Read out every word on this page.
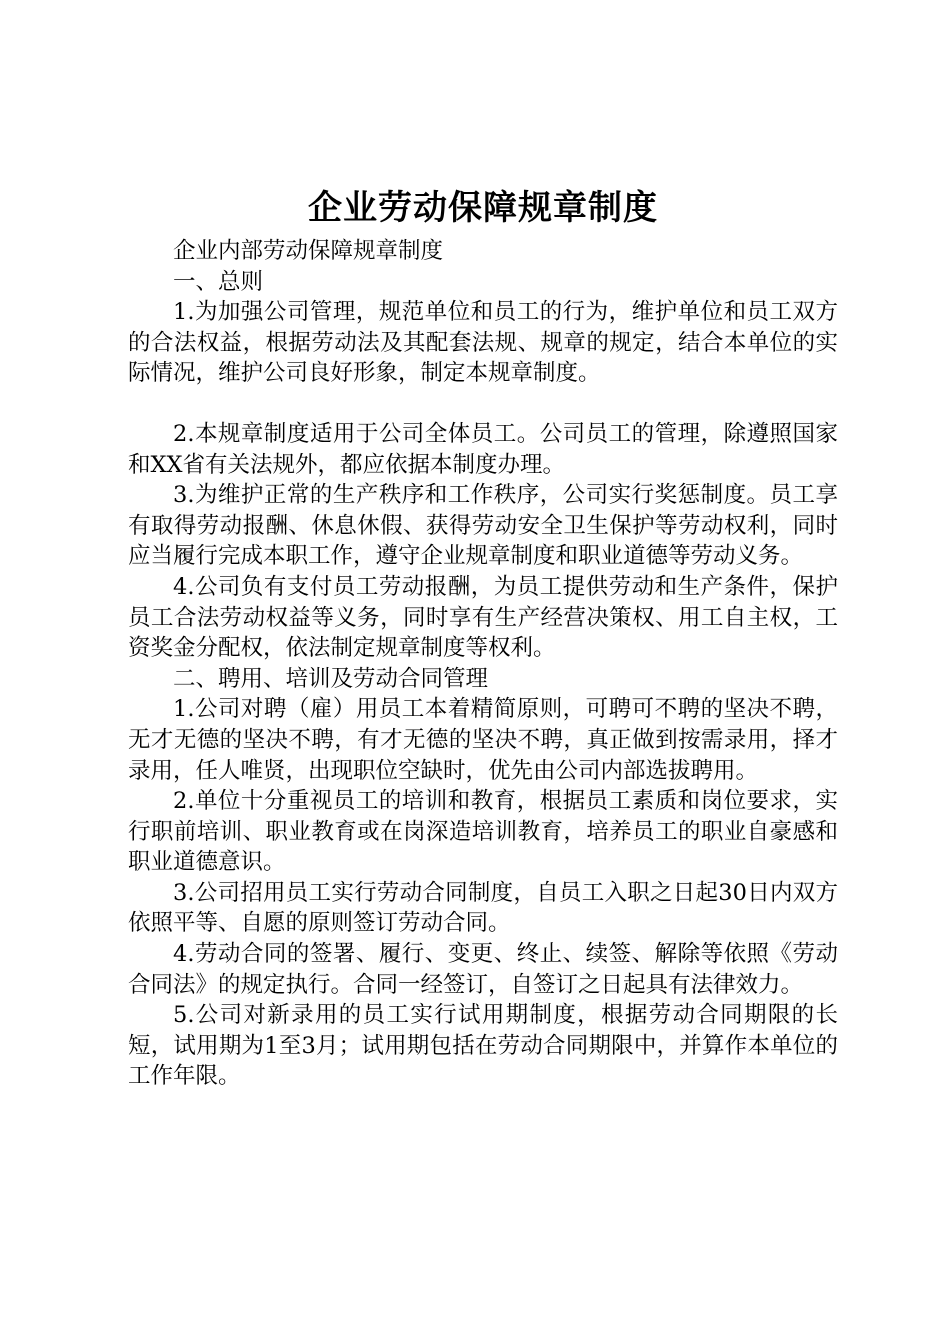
企业劳动保障规章制度

企业内部劳动保障规章制度

一、总则

1.为加强公司管理，规范单位和员工的行为，维护单位和员工双方的合法权益，根据劳动法及其配套法规、规章的规定，结合本单位的实际情况，维护公司良好形象，制定本规章制度。

2.本规章制度适用于公司全体员工。公司员工的管理，除遵照国家和XX省有关法规外，都应依据本制度办理。

3.为维护正常的生产秩序和工作秩序，公司实行奖惩制度。员工享有取得劳动报酬、休息休假、获得劳动安全卫生保护等劳动权利，同时应当履行完成本职工作，遵守企业规章制度和职业道德等劳动义务。

4.公司负有支付员工劳动报酬，为员工提供劳动和生产条件，保护员工合法劳动权益等义务，同时享有生产经营决策权、用工自主权，工资奖金分配权，依法制定规章制度等权利。

二、聘用、培训及劳动合同管理

1.公司对聘（雇）用员工本着精简原则，可聘可不聘的坚决不聘，无才无德的坚决不聘，有才无德的坚决不聘，真正做到按需录用，择才录用，任人唯贤，出现职位空缺时，优先由公司内部选拔聘用。

2.单位十分重视员工的培训和教育，根据员工素质和岗位要求，实行职前培训、职业教育或在岗深造培训教育，培养员工的职业自豪感和职业道德意识。

3.公司招用员工实行劳动合同制度，自员工入职之日起30日内双方依照平等、自愿的原则签订劳动合同。

4.劳动合同的签署、履行、变更、终止、续签、解除等依照《劳动合同法》的规定执行。合同一经签订，自签订之日起具有法律效力。

5.公司对新录用的员工实行试用期制度，根据劳动合同期限的长短，试用期为1至3月；试用期包括在劳动合同期限中，并算作本单位的工作年限。
